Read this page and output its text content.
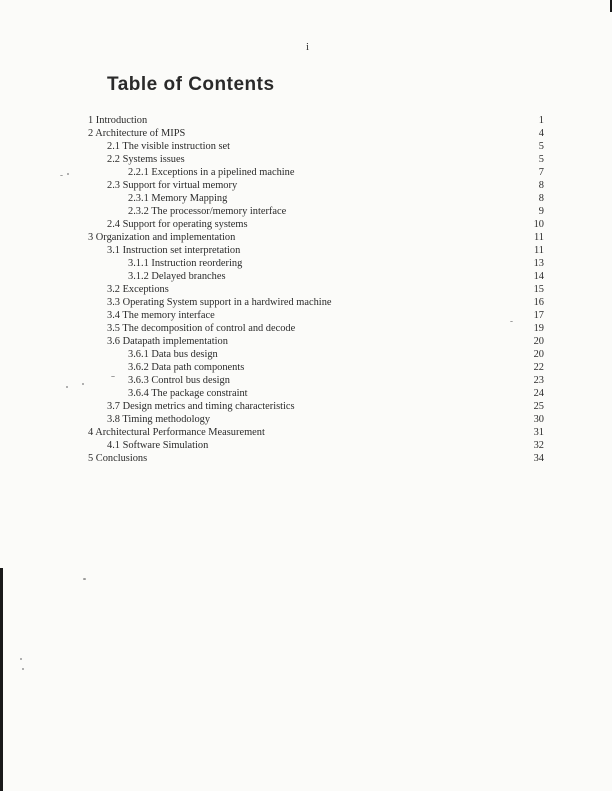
i
Table of Contents
1 Introduction	1
2 Architecture of MIPS	4
2.1 The visible instruction set	5
2.2 Systems issues	5
2.2.1 Exceptions in a pipelined machine	7
2.3 Support for virtual memory	8
2.3.1 Memory Mapping	8
2.3.2 The processor/memory interface	9
2.4 Support for operating systems	10
3 Organization and implementation	11
3.1 Instruction set interpretation	11
3.1.1 Instruction reordering	13
3.1.2 Delayed branches	14
3.2 Exceptions	15
3.3 Operating System support in a hardwired machine	16
3.4 The memory interface	17
3.5 The decomposition of control and decode	19
3.6 Datapath implementation	20
3.6.1 Data bus design	20
3.6.2 Data path components	22
3.6.3 Control bus design	23
3.6.4 The package constraint	24
3.7 Design metrics and timing characteristics	25
3.8 Timing methodology	30
4 Architectural Performance Measurement	31
4.1 Software Simulation	32
5 Conclusions	34
